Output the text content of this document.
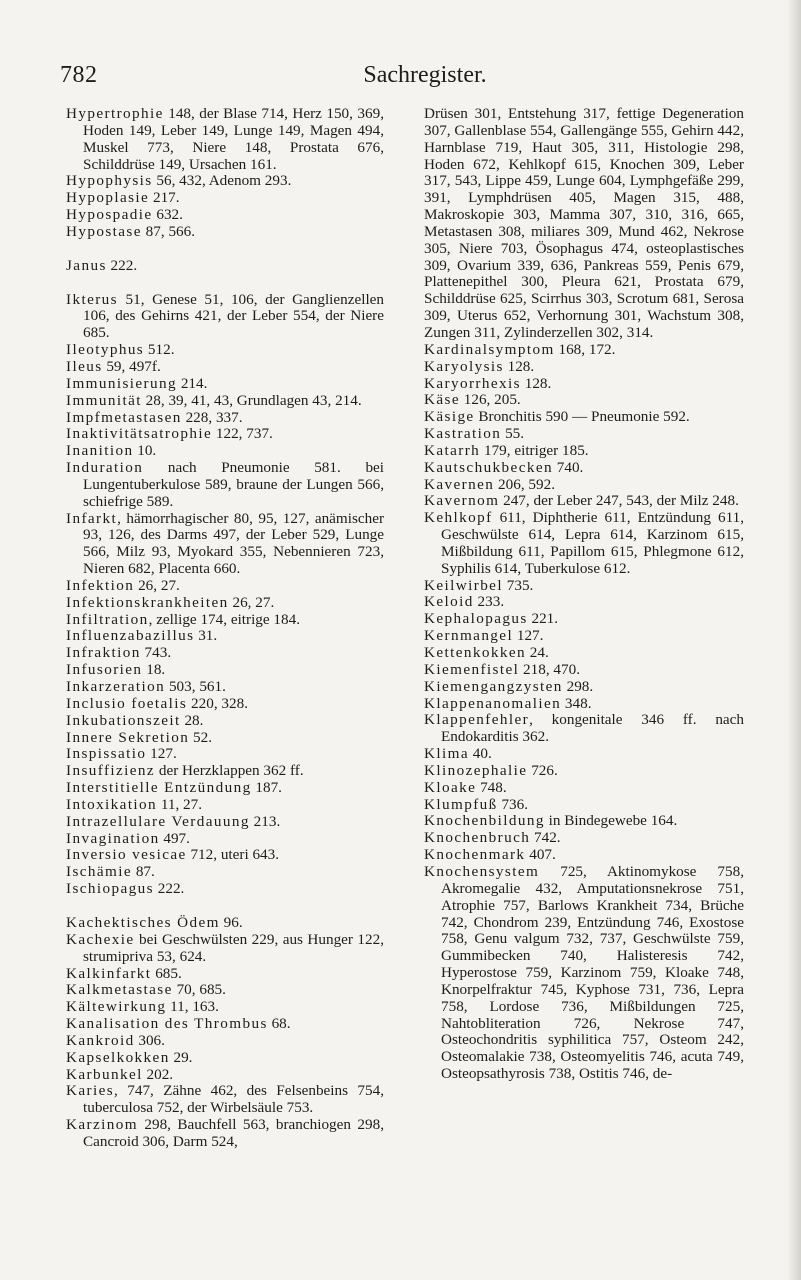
782	Sachregister.

Hypertrophie 148, der Blase 714, Herz 150, 369, Hoden 149, Leber 149, Lunge 149, Magen 494, Muskel 773, Niere 148, Prostata 676, Schilddrüse 149, Ursachen 161.

Hypophysis 56, 432, Adenom 293.

Hypoplasie 217.

Hypospadie 632.

Hypostase 87, 566.

Janus 222.

Ikterus 51, Genese 51, 106, der Ganglienzellen 106, des Gehirns 421, der Leber 554, der Niere 685.

Ileotyphus 512.

Ileus 59, 497f.

Immunisierung 214.

Immunität 28, 39, 41, 43, Grundlagen 43, 214.

Impfmetastasen 228, 337.

Inaktivitätsatrophie 122, 737.

Inanition 10.

Induration nach Pneumonie 581. bei Lungentuberkulose 589, braune der Lungen 566, schiefrige 589.

Infarkt, hämorrhagischer 80, 95, 127, anämischer 93, 126, des Darms 497, der Leber 529, Lunge 566, Milz 93, Myokard 355, Nebennieren 723, Nieren 682, Placenta 660.

Infektion 26, 27.

Infektionskrankheiten 26, 27.

Infiltration, zellige 174, eitrige 184.

Influenzabazillus 31.

Infraktion 743.

Infusorien 18.

Inkarzeration 503, 561.

Inclusio foetalis 220, 328.

Inkubationszeit 28.

Innere Sekretion 52.

Inspissatio 127.

Insuffizienz der Herzklappen 362 ff.

Interstitielle Entzündung 187.

Intoxikation 11, 27.

Intrazellulare Verdauung 213.

Invagination 497.

Inversio vesicae 712, uteri 643.

Ischämie 87.

Ischiopagus 222.

Kachektisches Ödem 96.

Kachexie bei Geschwülsten 229, aus Hunger 122, strumipriva 53, 624.

Kalkinfarkt 685.

Kalkmetastase 70, 685.

Kältewirkung 11, 163.

Kanalisation des Thrombus 68.

Kankroid 306.

Kapselkokken 29.

Karbunkel 202.

Karies, 747, Zähne 462, des Felsenbeins 754, tuberculosa 752, der Wirbelsäule 753.

Karzinom 298, Bauchfell 563, branchiogen 298, Cancroid 306, Darm 524,

Drüsen 301, Entstehung 317, fettige Degeneration 307, Gallenblase 554, Gallengänge 555, Gehirn 442, Harnblase 719, Haut 305, 311, Histologie 298, Hoden 672, Kehlkopf 615, Knochen 309, Leber 317, 543, Lippe 459, Lunge 604, Lymphgefäße 299, 391, Lymphdrüsen 405, Magen 315, 488, Makroskopie 303, Mamma 307, 310, 316, 665, Metastasen 308, miliares 309, Mund 462, Nekrose 305, Niere 703, Ösophagus 474, osteoplastisches 309, Ovarium 339, 636, Pankreas 559, Penis 679, Plattenepithel 300, Pleura 621, Prostata 679, Schilddrüse 625, Scirrhus 303, Scrotum 681, Serosa 309, Uterus 652, Verhornung 301, Wachstum 308, Zungen 311, Zylinderzellen 302, 314.

Kardinalsymptom 168, 172.

Karyolysis 128.

Karyorrhexis 128.

Käse 126, 205.

Käsige Bronchitis 590 — Pneumonie 592.

Kastration 55.

Katarrh 179, eitriger 185.

Kautschukbecken 740.

Kavernen 206, 592.

Kavernom 247, der Leber 247, 543, der Milz 248.

Kehlkopf 611, Diphtherie 611, Entzündung 611, Geschwülste 614, Lepra 614, Karzinom 615, Mißbildung 611, Papillom 615, Phlegmone 612, Syphilis 614, Tuberkulose 612.

Keilwirbel 735.

Keloid 233.

Kephalopagus 221.

Kernmangel 127.

Kettenkokken 24.

Kiemenfistel 218, 470.

Kiemengangzysten 298.

Klappenanomalien 348.

Klappenfehler, kongenitale 346 ff. nach Endokarditis 362.

Klima 40.

Klinozephalie 726.

Kloake 748.

Klumpfuß 736.

Knochenbildung in Bindegewebe 164.

Knochenbruch 742.

Knochenmark 407.

Knochensystem 725, Aktinomykose 758, Akromegalie 432, Amputationsnekrose 751, Atrophie 757, Barlows Krankheit 734, Brüche 742, Chondrom 239, Entzündung 746, Exostose 758, Genu valgum 732, 737, Geschwülste 759, Gummibecken 740, Halisteresis 742, Hyperostose 759, Karzinom 759, Kloake 748, Knorpelfraktur 745, Kyphose 731, 736, Lepra 758, Lordose 736, Mißbildungen 725, Nahtobliteration 726, Nekrose 747, Osteochondritis syphilitica 757, Osteom 242, Osteomalakie 738, Osteomyelitis 746, acuta 749, Osteopsathyrosis 738, Ostitis 746, de-
